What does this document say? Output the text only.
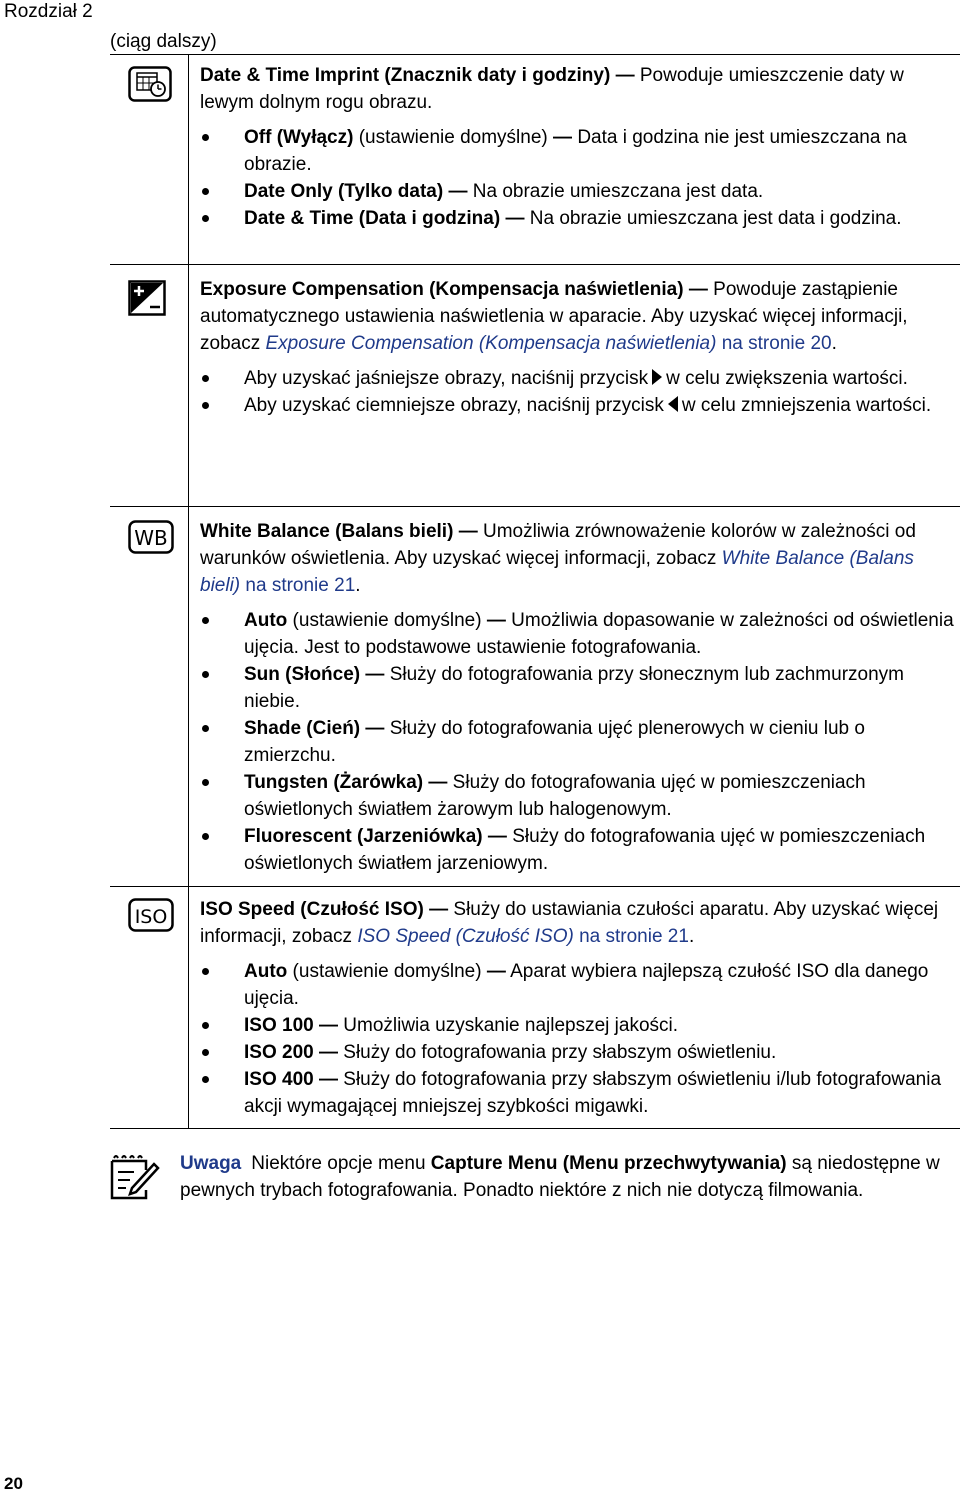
Rozdział 2
(ciąg dalszy)

Date & Time Imprint (Znacznik daty i godziny) — Powoduje umieszczenie daty w lewym dolnym rogu obrazu.

Off (Wyłącz) (ustawienie domyślne) — Data i godzina nie jest umieszczana na obrazie.
Date Only (Tylko data) — Na obrazie umieszczana jest data.
Date & Time (Data i godzina) — Na obrazie umieszczana jest data i godzina.

Exposure Compensation (Kompensacja naświetlenia) — Powoduje zastąpienie automatycznego ustawienia naświetlenia w aparacie. Aby uzyskać więcej informacji, zobacz Exposure Compensation (Kompensacja naświetlenia) na stronie 20.

Aby uzyskać jaśniejsze obrazy, naciśnij przycisk w celu zwiększenia wartości.
Aby uzyskać ciemniejsze obrazy, naciśnij przycisk w celu zmniejszenia wartości.
WB White Balance (Balans bieli) — Umożliwia zrównoważenie kolorów w zależności od warunków oświetlenia. Aby uzyskać więcej informacji, zobacz White Balance (Balans bieli) na stronie 21.

Auto (ustawienie domyślne) — Umożliwia dopasowanie w zależności od oświetlenia ujęcia. Jest to podstawowe ustawienie fotografowania.
Sun (Słońce) — Służy do fotografowania przy słonecznym lub zachmurzonym niebie.
Shade (Cień) — Służy do fotografowania ujęć plenerowych w cieniu lub o zmierzchu.
Tungsten (Żarówka) — Służy do fotografowania ujęć w pomieszczeniach oświetlonych światłem żarowym lub halogenowym.
Fluorescent (Jarzeniówka) — Służy do fotografowania ujęć w pomieszczeniach oświetlonych światłem jarzeniowym.
ISO ISO Speed (Czułość ISO) — Służy do ustawiania czułości aparatu. Aby uzyskać więcej informacji, zobacz ISO Speed (Czułość ISO) na stronie 21.

Auto (ustawienie domyślne) — Aparat wybiera najlepszą czułość ISO dla danego ujęcia.
ISO 100 — Umożliwia uzyskanie najlepszej jakości.
ISO 200 — Służy do fotografowania przy słabszym oświetleniu.
ISO 400 — Służy do fotografowania przy słabszym oświetleniu i/lub fotografowania akcji wymagającej mniejszej szybkości migawki.
Uwaga Niektóre opcje menu Capture Menu (Menu przechwytywania) są niedostępne w pewnych trybach fotografowania. Ponadto niektóre z nich nie dotyczą filmowania.
20
